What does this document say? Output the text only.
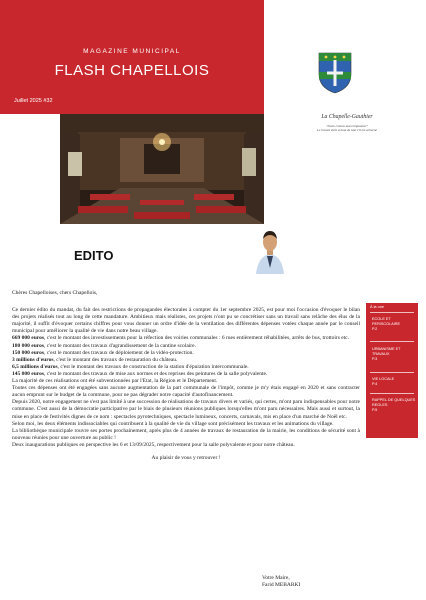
MAGAZINE MUNICIPAL
FLASH CHAPELLOIS
Juillet 2025 #32
La Chapelle-Gauthier
"Lieux connus aussi imposteur"
Le travail vient à bout de tout s'il est acharné
EDITO

Chères Chapelloises, chers Chapellois,

Ce dernier édito du mandat, du fait des restrictions de propagandes électorales à compter du 1er septembre 2025, est pour moi l'occasion d'évoquer le bilan des projets réalisés tout au long de cette mandature. Ambitieux mais réalistes, ces projets n'ont pu se concrétiser sans un travail sans relâche des élus de la majorité, il suffit d'évoquer certains chiffres pour vous donner un ordre d'idée de la ventilation des différentes dépenses votées chaque année par le conseil municipal pour améliorer la qualité de vie dans notre beau village.

669 000 euros, c'est le montant des investissements pour la réfection des voiries communales : 6 rues entièrement réhabilitées, arrêts de bus, trottoirs etc.

180 000 euros, c'est le montant des travaux d'agrandissement de la cantine scolaire.

150 000 euros, c'est le montant des travaux de déploiement de la vidéo-protection.

3 millions d'euros, c'est le montant des travaux de restauration du château.

6,5 millions d'euros, c'est le montant des travaux de construction de la station d'épuration intercommunale.

145 000 euros, c'est le montant des travaux de mise aux normes et des reprises des peintures de la salle polyvalente.

La majorité de ces réalisations ont été subventionnées par l'Etat, la Région et le Département.

Toutes ces dépenses ont été engagées sans aucune augmentation de la part communale de l'impôt, comme je m'y étais engagé en 2020 et sans contracter aucun emprunt sur le budget de la commune, pour ne pas dégrader notre capacité d'autofinancement.

Depuis 2020, notre engagement ne s'est pas limité à une succession de réalisations de travaux divers et variés, qui certes, m'ont paru indispensables pour notre commune. C'est aussi de la démocratie participative par le biais de plusieurs réunions publiques lorsqu'elles m'ont paru nécessaires. Mais aussi et surtout, la mise en place de festivités dignes de ce nom : spectacles pyrotechniques, spectacle lumineux, concerts, carnavals, mis en place d'un marché de Noël etc.

Selon moi, les deux éléments indissociables qui contribuent à la qualité de vie du village sont précisément les travaux et les animations du village.

La bibliothèque municipale rouvre ses portes prochainement, après plus de 4 années de travaux de restauration de la mairie, les conditions de sécurité sont à nouveau réunies pour une ouverture au public !

Deux inaugurations publiques en perspective les 6 et 13/09/2025, respectivement pour la salle polyvalente et pour notre château.

Au plaisir de vous y retrouver !

Votre Maire,
Farid MEBARKI
À la une
ECOLE ET PERISCOLAIRE
P.2
URBANISME ET TRAVAUX
P.3
VIE LOCALE
P.4
RAPPEL DE QUELQUES REGLES
P.5
